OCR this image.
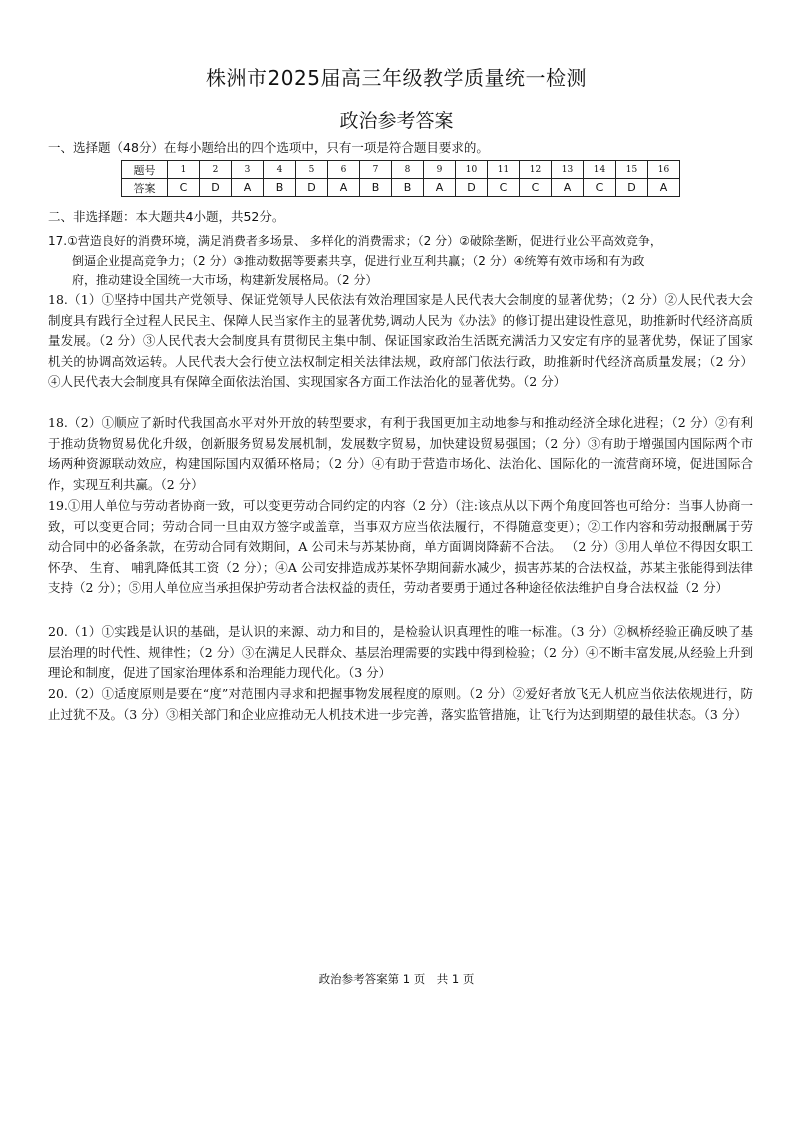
株洲市2025届高三年级教学质量统一检测
政治参考答案
一、选择题（48分）在每小题给出的四个选项中，只有一项是符合题目要求的。
题号	1	2	3	4	5	6	7	8	9	10	11	12	13	14	15	16
答案	C	D	A	B	D	A	B	B	A	D	C	C	A	C	D	A
二、非选择题：本大题共4小题，共52分。
17.①营造良好的消费环境，满足消费者多场景、 多样化的消费需求；（2 分）②破除垄断，促进行业公平高效竞争，
倒逼企业提高竞争力；（2 分）③推动数据等要素共享，促进行业互利共赢；（2 分）④统筹有效市场和有为政
府，推动建设全国统一大市场，构建新发展格局。（2 分）
18.（1）①坚持中国共产党领导、保证党领导人民依法有效治理国家是人民代表大会制度的显著优势；（2 分）②人民代表大会制度具有践行全过程人民民主、保障人民当家作主的显著优势,调动人民为《办法》的修订提出建设性意见，助推新时代经济高质量发展。（2 分）③人民代表大会制度具有贯彻民主集中制、保证国家政治生活既充满活力又安定有序的显著优势，保证了国家机关的协调高效运转。人民代表大会行使立法权制定相关法律法规，政府部门依法行政，助推新时代经济高质量发展；（2 分）④人民代表大会制度具有保障全面依法治国、实现国家各方面工作法治化的显著优势。（2 分）
18.（2）①顺应了新时代我国高水平对外开放的转型要求，有利于我国更加主动地参与和推动经济全球化进程；（2 分）②有利于推动货物贸易优化升级，创新服务贸易发展机制，发展数字贸易，加快建设贸易强国；（2 分）③有助于增强国内国际两个市场两种资源联动效应，构建国际国内双循环格局；（2 分）④有助于营造市场化、法治化、国际化的一流营商环境，促进国际合作，实现互利共赢。（2 分）
19.①用人单位与劳动者协商一致，可以变更劳动合同约定的内容（2 分）（注:该点从以下两个角度回答也可给分：当事人协商一致，可以变更合同；劳动合同一旦由双方签字或盖章，当事双方应当依法履行，不得随意变更）；②工作内容和劳动报酬属于劳动合同中的必备条款，在劳动合同有效期间，A 公司未与苏某协商，单方面调岗降薪不合法。 （2 分）③用人单位不得因女职工怀孕、 生育、 哺乳降低其工资（2 分）；④A 公司安排造成苏某怀孕期间薪水减少，损害苏某的合法权益，苏某主张能得到法律支持（2 分）；⑤用人单位应当承担保护劳动者合法权益的责任，劳动者要勇于通过各种途径依法维护自身合法权益（2 分）
20.（1）①实践是认识的基础，是认识的来源、动力和目的，是检验认识真理性的唯一标准。（3 分）②枫桥经验正确反映了基层治理的时代性、规律性；（2 分）③在满足人民群众、基层治理需要的实践中得到检验；（2 分）④不断丰富发展,从经验上升到理论和制度，促进了国家治理体系和治理能力现代化。（3 分）
20.（2）①适度原则是要在“度”对范围内寻求和把握事物发展程度的原则。（2 分）②爱好者放飞无人机应当依法依规进行，防止过犹不及。（3 分）③相关部门和企业应推动无人机技术进一步完善，落实监管措施，让飞行为达到期望的最佳状态。（3 分）
政治参考答案第 1 页　共 1 页
